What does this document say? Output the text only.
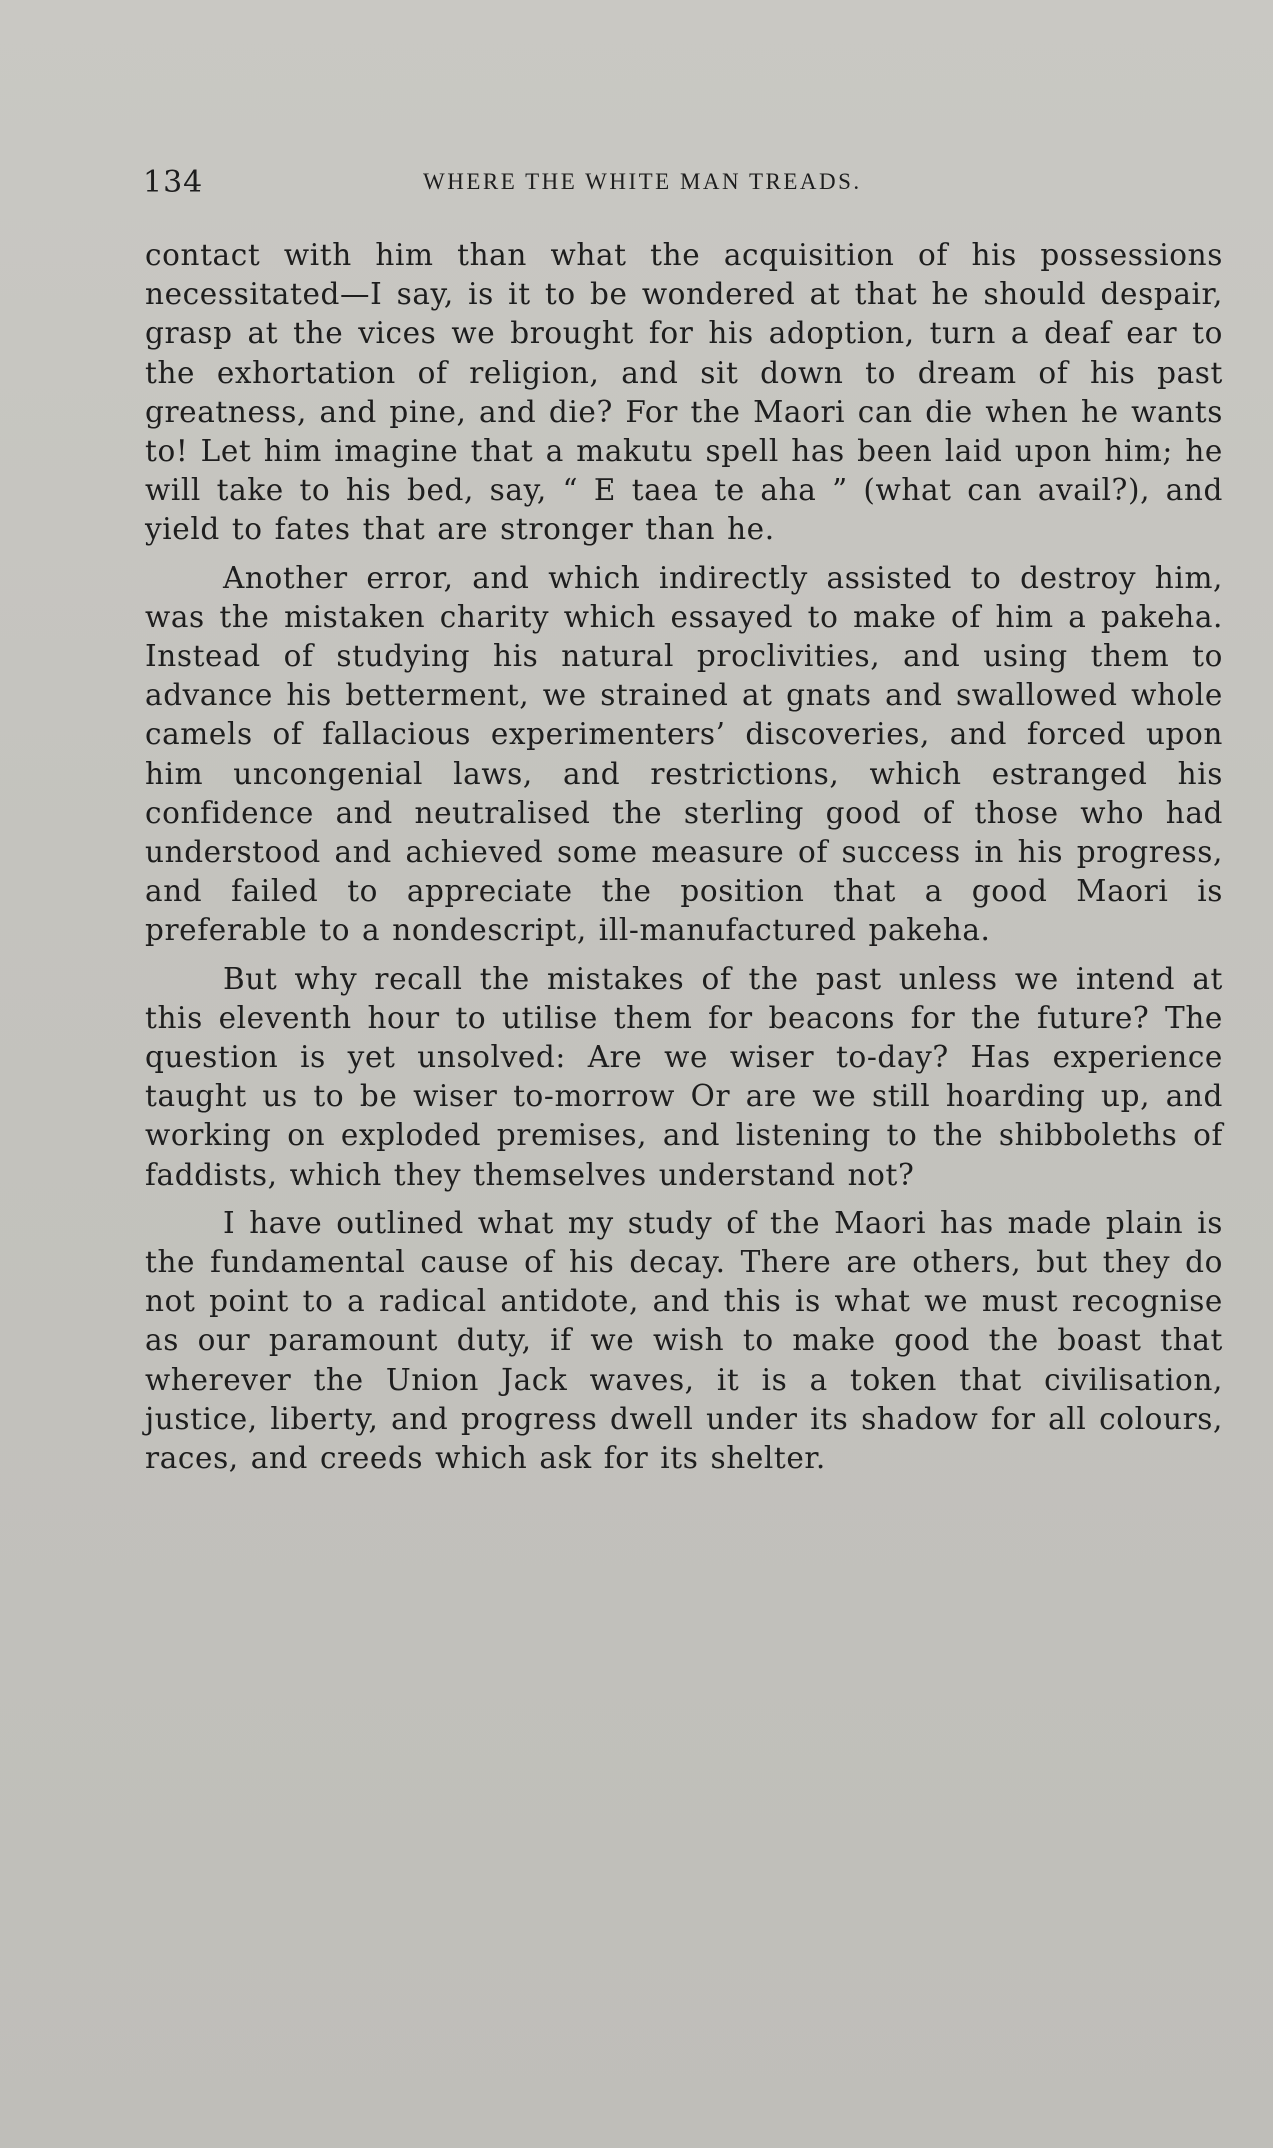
134	WHERE THE WHITE MAN TREADS.

contact with him than what the acquisition of his possessions necessitated—I say, is it to be wondered at that he should despair, grasp at the vices we brought for his adoption, turn a deaf ear to the exhortation of religion, and sit down to dream of his past greatness, and pine, and die? For the Maori can die when he wants to! Let him imagine that a makutu spell has been laid upon him; he will take to his bed, say, “ E taea te aha ” (what can avail?), and yield to fates that are stronger than he.

Another error, and which indirectly assisted to destroy him, was the mistaken charity which essayed to make of him a pakeha. Instead of studying his natural proclivities, and using them to advance his betterment, we strained at gnats and swallowed whole camels of fallacious experimenters’ discoveries, and forced upon him uncongenial laws, and restrictions, which estranged his confidence and neutralised the sterling good of those who had understood and achieved some measure of success in his progress, and failed to appreciate the position that a good Maori is preferable to a nondescript, ill-manufactured pakeha.

But why recall the mistakes of the past unless we intend at this eleventh hour to utilise them for beacons for the future? The question is yet unsolved: Are we wiser to-day? Has experience taught us to be wiser to-morrow Or are we still hoarding up, and working on exploded premises, and listening to the shibboleths of faddists, which they themselves understand not?

I have outlined what my study of the Maori has made plain is the fundamental cause of his decay. There are others, but they do not point to a radical antidote, and this is what we must recognise as our paramount duty, if we wish to make good the boast that wherever the Union Jack waves, it is a token that civilisation, justice, liberty, and progress dwell under its shadow for all colours, races, and creeds which ask for its shelter.
